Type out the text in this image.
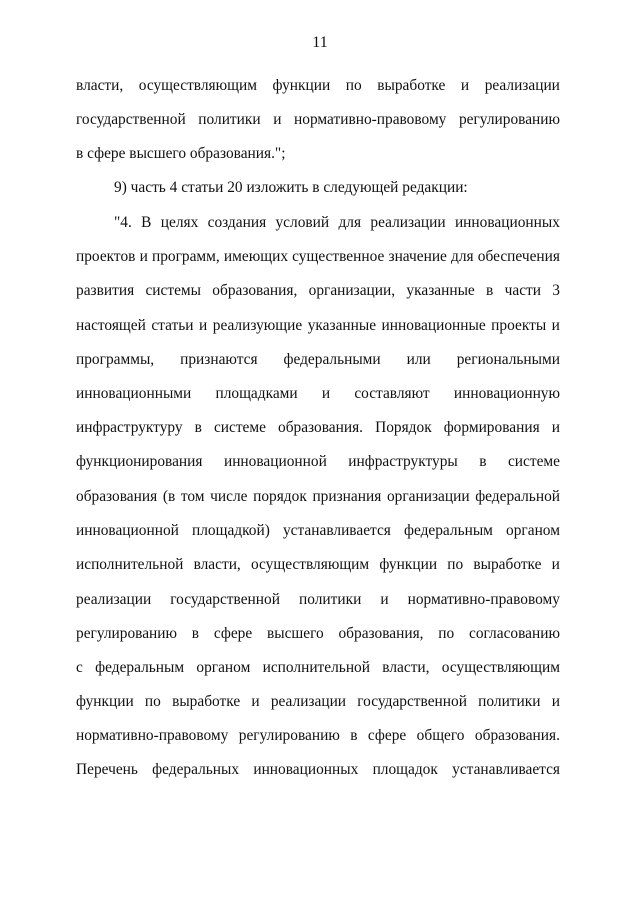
11
власти, осуществляющим функции по выработке и реализации
государственной политики и нормативно-правовому регулированию
в сфере высшего образования.";
9) часть 4 статьи 20 изложить в следующей редакции:
"4. В целях создания условий для реализации инновационных
проектов и программ, имеющих существенное значение для обеспечения
развития системы образования, организации, указанные в части 3
настоящей статьи и реализующие указанные инновационные проекты и
программы, признаются федеральными или региональными
инновационными площадками и составляют инновационную
инфраструктуру в системе образования. Порядок формирования и
функционирования инновационной инфраструктуры в системе
образования (в том числе порядок признания организации федеральной
инновационной площадкой) устанавливается федеральным органом
исполнительной власти, осуществляющим функции по выработке и
реализации государственной политики и нормативно-правовому
регулированию в сфере высшего образования, по согласованию
с федеральным органом исполнительной власти, осуществляющим
функции по выработке и реализации государственной политики и
нормативно-правовому регулированию в сфере общего образования.
Перечень федеральных инновационных площадок устанавливается
